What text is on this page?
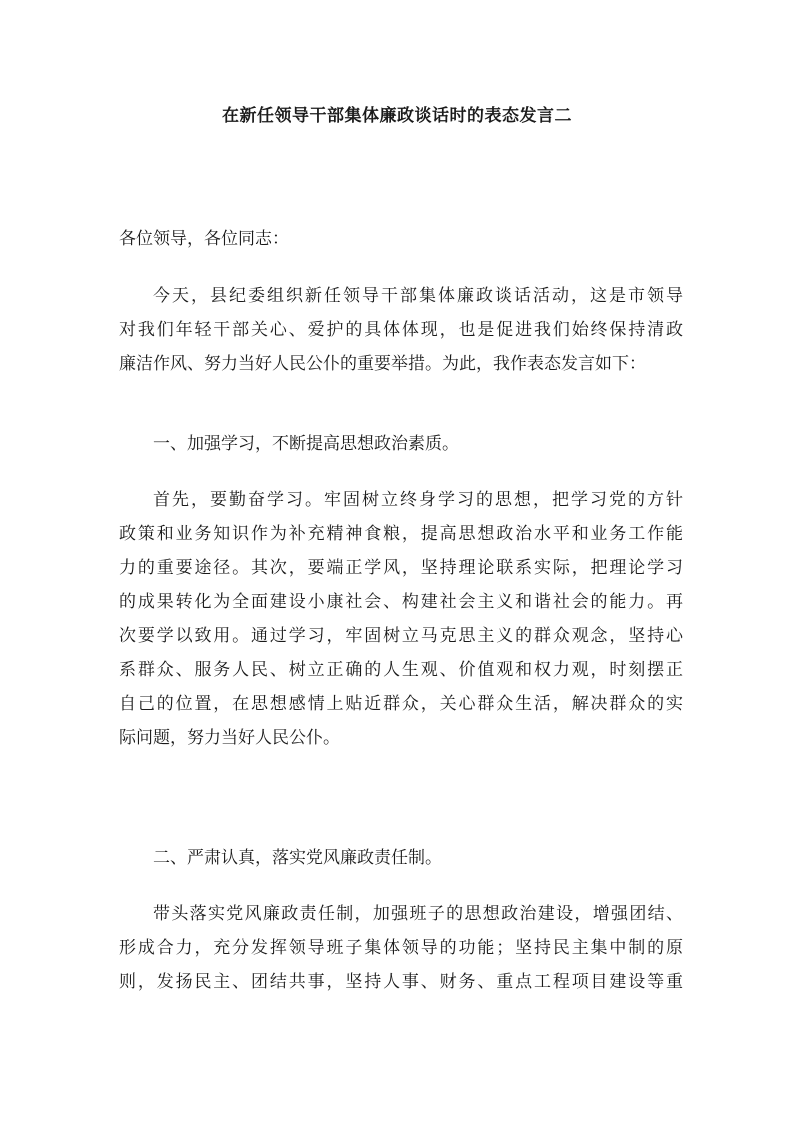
在新任领导干部集体廉政谈话时的表态发言二
各位领导，各位同志：
今天，县纪委组织新任领导干部集体廉政谈话活动，这是市领导
对我们年轻干部关心、爱护的具体体现，也是促进我们始终保持清政
廉洁作风、努力当好人民公仆的重要举措。为此，我作表态发言如下：
一、加强学习，不断提高思想政治素质。
首先，要勤奋学习。牢固树立终身学习的思想，把学习党的方针
政策和业务知识作为补充精神食粮，提高思想政治水平和业务工作能
力的重要途径。其次，要端正学风，坚持理论联系实际，把理论学习
的成果转化为全面建设小康社会、构建社会主义和谐社会的能力。再
次要学以致用。通过学习，牢固树立马克思主义的群众观念，坚持心
系群众、服务人民、树立正确的人生观、价值观和权力观，时刻摆正
自己的位置，在思想感情上贴近群众，关心群众生活，解决群众的实
际问题，努力当好人民公仆。
二、严肃认真，落实党风廉政责任制。
带头落实党风廉政责任制，加强班子的思想政治建设，增强团结、
形成合力，充分发挥领导班子集体领导的功能；坚持民主集中制的原
则，发扬民主、团结共事，坚持人事、财务、重点工程项目建设等重
